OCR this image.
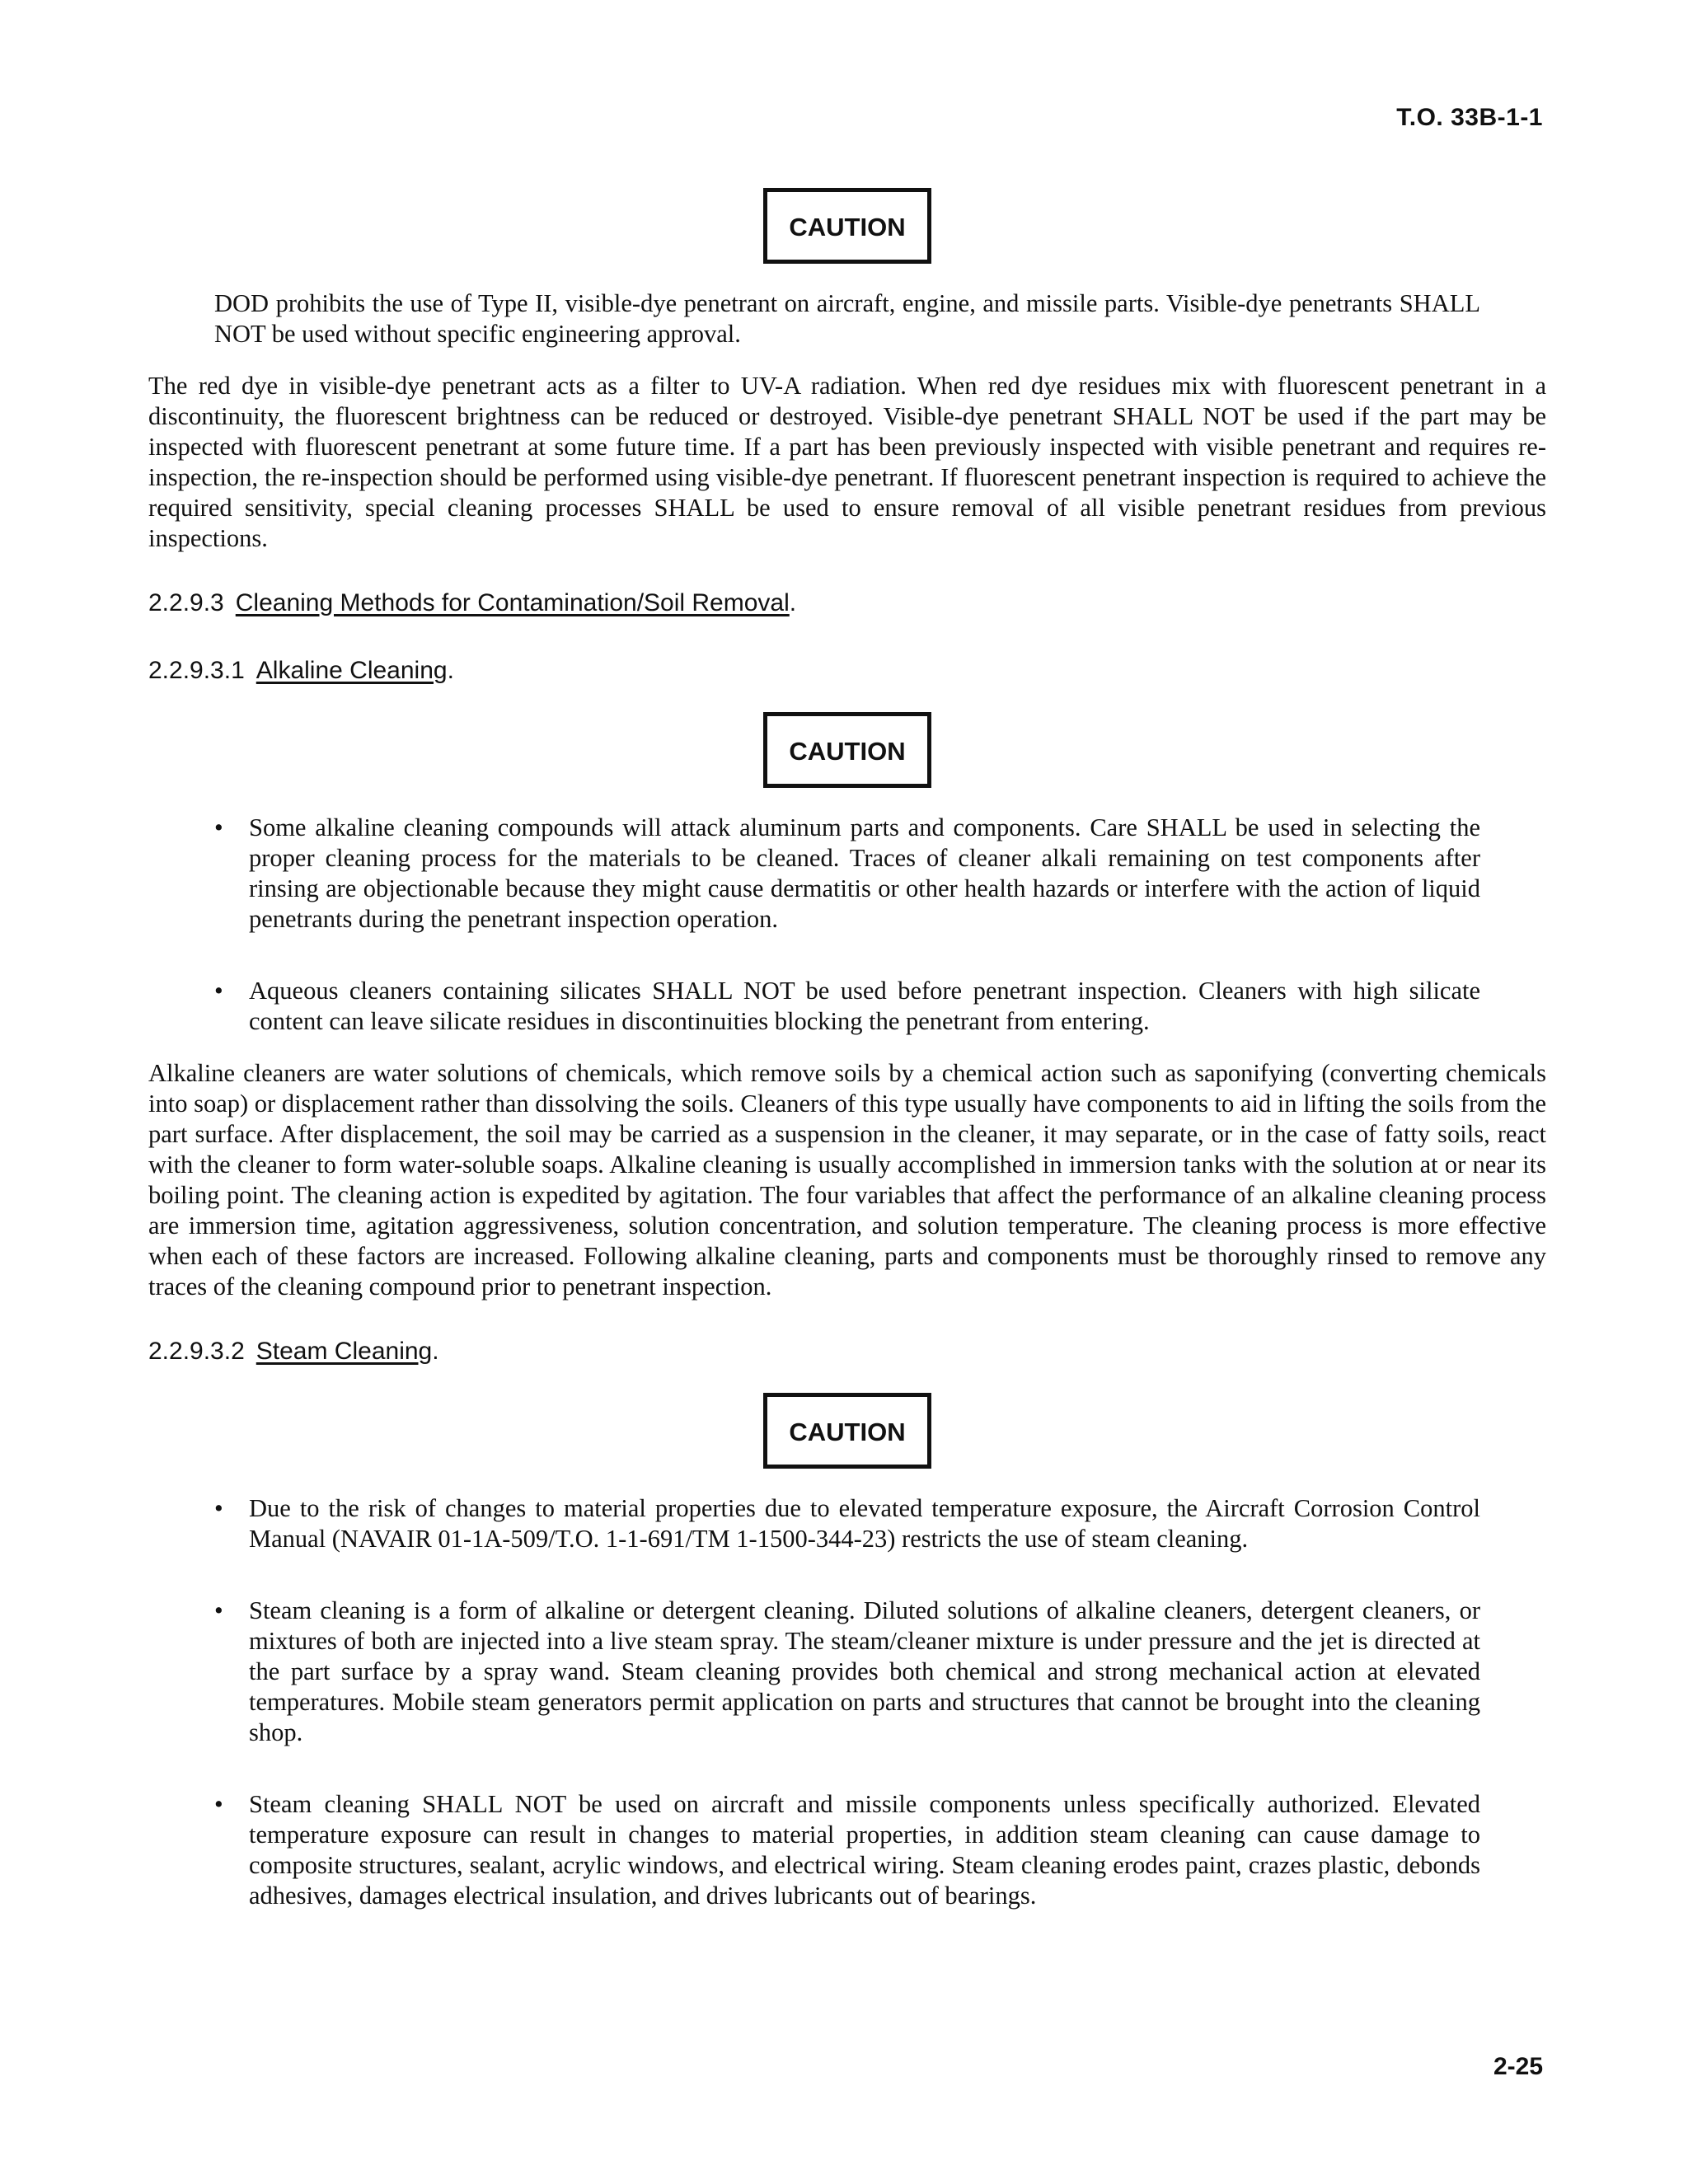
T.O. 33B-1-1
CAUTION

DOD prohibits the use of Type II, visible-dye penetrant on aircraft, engine, and missile parts. Visible-dye penetrants SHALL NOT be used without specific engineering approval.

The red dye in visible-dye penetrant acts as a filter to UV-A radiation. When red dye residues mix with fluorescent penetrant in a discontinuity, the fluorescent brightness can be reduced or destroyed. Visible-dye penetrant SHALL NOT be used if the part may be inspected with fluorescent penetrant at some future time. If a part has been previously inspected with visible penetrant and requires re-inspection, the re-inspection should be performed using visible-dye penetrant. If fluorescent penetrant inspection is required to achieve the required sensitivity, special cleaning processes SHALL be used to ensure removal of all visible penetrant residues from previous inspections.

2.2.9.3 Cleaning Methods for Contamination/Soil Removal.

2.2.9.3.1 Alkaline Cleaning.

CAUTION
•	Some alkaline cleaning compounds will attack aluminum parts and components. Care SHALL be used in selecting the proper cleaning process for the materials to be cleaned. Traces of cleaner alkali remaining on test components after rinsing are objectionable because they might cause dermatitis or other health hazards or interfere with the action of liquid penetrants during the penetrant inspection operation.
•	Aqueous cleaners containing silicates SHALL NOT be used before penetrant inspection. Cleaners with high silicate content can leave silicate residues in discontinuities blocking the penetrant from entering.

Alkaline cleaners are water solutions of chemicals, which remove soils by a chemical action such as saponifying (converting chemicals into soap) or displacement rather than dissolving the soils. Cleaners of this type usually have components to aid in lifting the soils from the part surface. After displacement, the soil may be carried as a suspension in the cleaner, it may separate, or in the case of fatty soils, react with the cleaner to form water-soluble soaps. Alkaline cleaning is usually accomplished in immersion tanks with the solution at or near its boiling point. The cleaning action is expedited by agitation. The four variables that affect the performance of an alkaline cleaning process are immersion time, agitation aggressiveness, solution concentration, and solution temperature. The cleaning process is more effective when each of these factors are increased. Following alkaline cleaning, parts and components must be thoroughly rinsed to remove any traces of the cleaning compound prior to penetrant inspection.

2.2.9.3.2 Steam Cleaning.

CAUTION
•	Due to the risk of changes to material properties due to elevated temperature exposure, the Aircraft Corrosion Control Manual (NAVAIR 01-1A-509/T.O. 1-1-691/TM 1-1500-344-23) restricts the use of steam cleaning.
•	Steam cleaning is a form of alkaline or detergent cleaning. Diluted solutions of alkaline cleaners, detergent cleaners, or mixtures of both are injected into a live steam spray. The steam/cleaner mixture is under pressure and the jet is directed at the part surface by a spray wand. Steam cleaning provides both chemical and strong mechanical action at elevated temperatures. Mobile steam generators permit application on parts and structures that cannot be brought into the cleaning shop.
•	Steam cleaning SHALL NOT be used on aircraft and missile components unless specifically authorized. Elevated temperature exposure can result in changes to material properties, in addition steam cleaning can cause damage to composite structures, sealant, acrylic windows, and electrical wiring. Steam cleaning erodes paint, crazes plastic, debonds adhesives, damages electrical insulation, and drives lubricants out of bearings.
2-25
